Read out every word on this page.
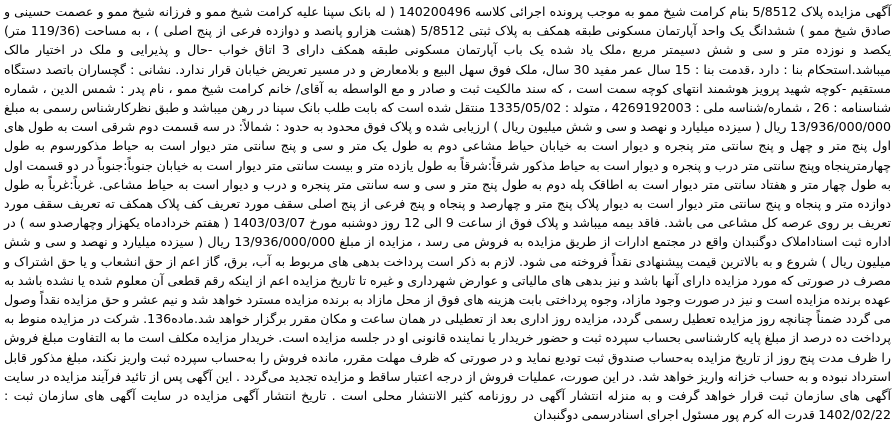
آگهی مزایده پلاک 5/8512 بنام کرامت شیخ ممو به موجب پرونده اجرائی کلاسه 140200496 ( له بانک سپنا علیه کرامت شیخ ممو و فرزانه شیخ ممو و عصمت حسینی و صادق شیخ ممو ) ششدانگ یک واحد آپارتمان مسکونی طبقه همکف به پلاک ثبتی 5/8512 (هشت هزارو پانصد و دوازده فرعی از پنج اصلی ) ، به مساحت (119/36 متر) یکصد و نوزده متر و سی و شش دسیمتر مربع ،ملک یاد شده یک باب آپارتمان مسکونی طبقه همکف دارای 3 اتاق خواب -حال و پذیرایی و ملک در اختیار مالک میباشد.استحکام بنا : دارد ،قدمت بنا : 15 سال عمر مفید 30 سال، ملک فوق سهل البیع و بلامعارض و در مسیر تعریض خیابان قرار ندارد. نشانی : گچساران باتصد دستگاه مستقیم -کوچه شهید پرویز هوشمند انتهای کوچه سمت است ، که سند مالکیت ثبت و صادر و مع الواسطه به آقای/ خانم کرامت شیخ ممو ، نام پدر : شمس الدین ، شماره شناسنامه : 26 ، شماره/شناسه ملی : 4269192003 ، متولد : 1335/05/02 منتقل شده است که بابت طلب بانک سپنا در رهن میباشد و طبق نظرکارشناس رسمی به مبلغ 13/936/000/000 ریال ( سیزده میلیارد و نهصد و سی و شش میلیون ریال ) ارزیابی شده و پلاک فوق محدود به حدود : شمالاً: در سه قسمت دوم شرقی است به طول های اول پنج متر و چهل و پنج سانتی متر پنجره و دیوار است به خیابان حیاط مشاعی دوم به طول یک متر و سی و پنج سانتی متر دیوار است به حیاط مذکورسوم به طول چهارمترپنجاه وپنج سانتی متر درب و پنجره و دیوار است به حیاط مذکور شرقاً:شرقاً به طول یازده متر و بیست سانتی متر دیوار است به خیابان جنوباً:جنوباً در دو قسمت اول به طول چهار متر و هفتاد سانتی متر دیوار است به اطاقک پله دوم به طول پنج متر و سی و سه سانتی متر پنجره و درب و دیوار است به حیاط مشاعی. غرباً:غرباً به طول دوازده متر و پنجاه و پنج سانتی متر دیوار است به دیوار پلاک پنج متر و چهارصد و پنجاه و پنج فرعی از پنج اصلی سقف مورد تعریف کف پلاک همکف ته تعریف سقف مورد تعریف بر روی عرصه کل مشاعی می باشد. فاقد بیمه میباشد و پلاک فوق از ساعت 9 الی 12 روز دوشنبه مورخ 1403/03/07 ( هفتم خردادماه یکهزار وچهارصدو سه ) در اداره ثبت اسناداملاک دوگنبدان واقع در مجتمع ادارات از طریق مزایده به فروش می رسد ، مزایده از مبلغ 13/936/000/000 ریال ( سیزده میلیارد و نهصد و سی و شش میلیون ریال ) شروع و به بالاترین قیمت پیشنهادی نقداً فروخته می شود. لازم به ذکر است پرداخت بدهی های مربوط به آب، برق، گاز اعم از حق انشعاب و یا حق اشتراک و مصرف در صورتی که مورد مزایده دارای آنها باشد و نیز بدهی های مالیاتی و عوارض شهرداری و غیره تا تاریخ مزایده اعم از اینکه رقم قطعی آن معلوم شده یا نشده باشد به عهده برنده مزایده است و نیز در صورت وجود مازاد، وجوه پرداختی بابت هزینه های فوق از محل مازاد به برنده مزایده مسترد خواهد شد و نیم عشر و حق مزایده نقداً وصول می گردد ضمناً چنانچه روز مزایده تعطیل رسمی گردد، مزایده روز اداری بعد از تعطیلی در همان ساعت و مکان مقرر برگزار خواهد شد.ماده136. شرکت در مزایده منوط به پرداخت ده درصد از مبلغ پایه کارشناسی بحساب سپرده ثبت و حضور خریدار یا نماینده قانونی او در جلسه مزایده است. خریدار مزایده مکلف است ما به التفاوت مبلغ فروش را ظرف مدت پنج روز از تاریخ مزایده به‌حساب صندوق ثبت تودیع نماید و در صورتی که ظرف مهلت مقرر، مانده فروش را به‌حساب سپرده ثبت واریز نکند، مبلغ مذکور قابل استرداد نبوده و به حساب خزانه واریز خواهد شد. در این صورت، عملیات فروش از درجه اعتبار ساقط و مزایده تجدید می‌گردد . این آگهی پس از تائید فرآیند مزایده در سایت آگهی های سازمان ثبت قرار خواهد گرفت و به منزله انتشار آگهی در روزنامه کثیر الانتشار محلی است . تاریخ انتشار آگهی مزایده در سایت آگهی های سازمان ثبت : 1402/02/22 قدرت اله کرم پور مسئول اجرای اسنادرسمی دوگنبدان
